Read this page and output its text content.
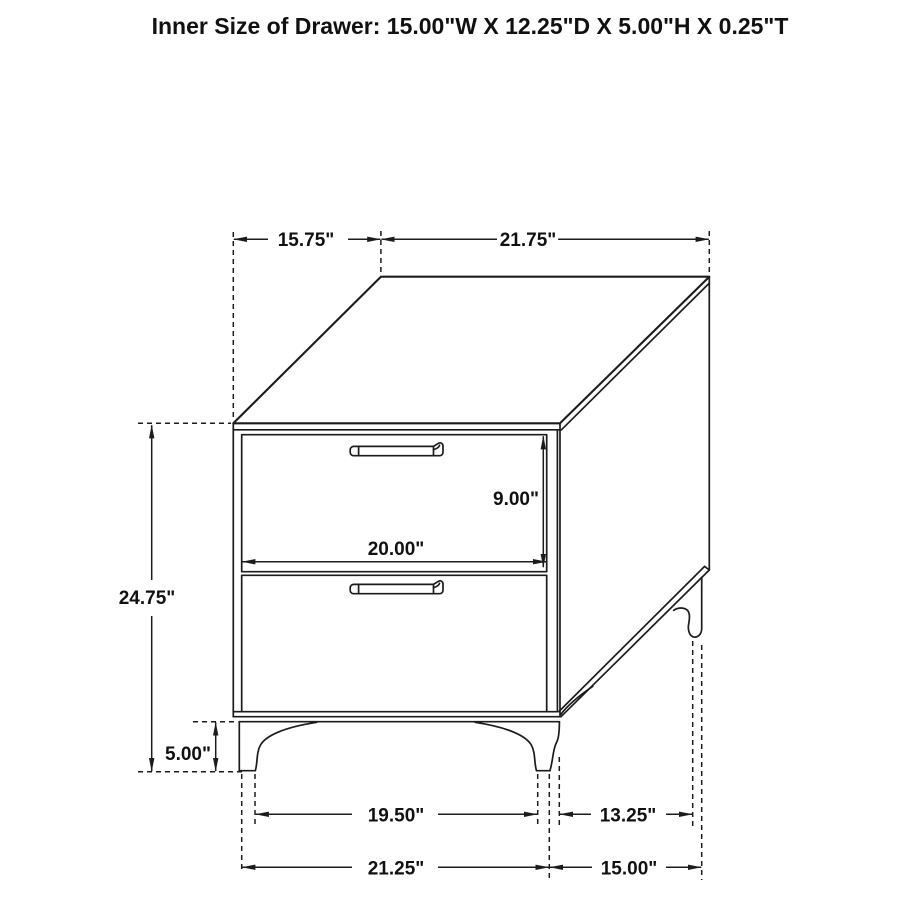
Inner Size of Drawer: 15.00"W X 12.25"D X 5.00"H X 0.25"T
15.75"	21.75"
9.00"
20.00"
24.75"
5.00"
19.50"	13.25"
21.25"	15.00"
